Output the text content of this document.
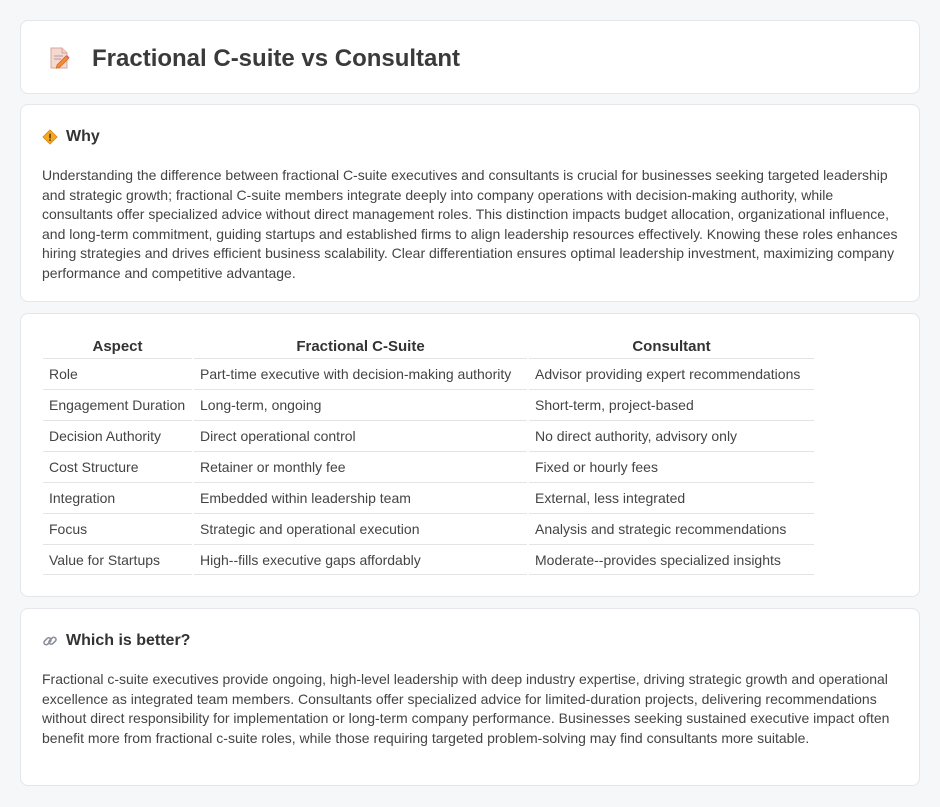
Fractional C-suite vs Consultant
Why

Understanding the difference between fractional C-suite executives and consultants is crucial for businesses seeking targeted leadership and strategic growth; fractional C-suite members integrate deeply into company operations with decision-making authority, while consultants offer specialized advice without direct management roles. This distinction impacts budget allocation, organizational influence, and long-term commitment, guiding startups and established firms to align leadership resources effectively. Knowing these roles enhances hiring strategies and drives efficient business scalability. Clear differentiation ensures optimal leadership investment, maximizing company performance and competitive advantage.

Aspect	Fractional C-Suite	Consultant
Role	Part-time executive with decision-making authority	Advisor providing expert recommendations
Engagement Duration	Long-term, ongoing	Short-term, project-based
Decision Authority	Direct operational control	No direct authority, advisory only
Cost Structure	Retainer or monthly fee	Fixed or hourly fees
Integration	Embedded within leadership team	External, less integrated
Focus	Strategic and operational execution	Analysis and strategic recommendations
Value for Startups	High--fills executive gaps affordably	Moderate--provides specialized insights
Which is better?

Fractional c-suite executives provide ongoing, high-level leadership with deep industry expertise, driving strategic growth and operational excellence as integrated team members. Consultants offer specialized advice for limited-duration projects, delivering recommendations without direct responsibility for implementation or long-term company performance. Businesses seeking sustained executive impact often benefit more from fractional c-suite roles, while those requiring targeted problem-solving may find consultants more suitable.
